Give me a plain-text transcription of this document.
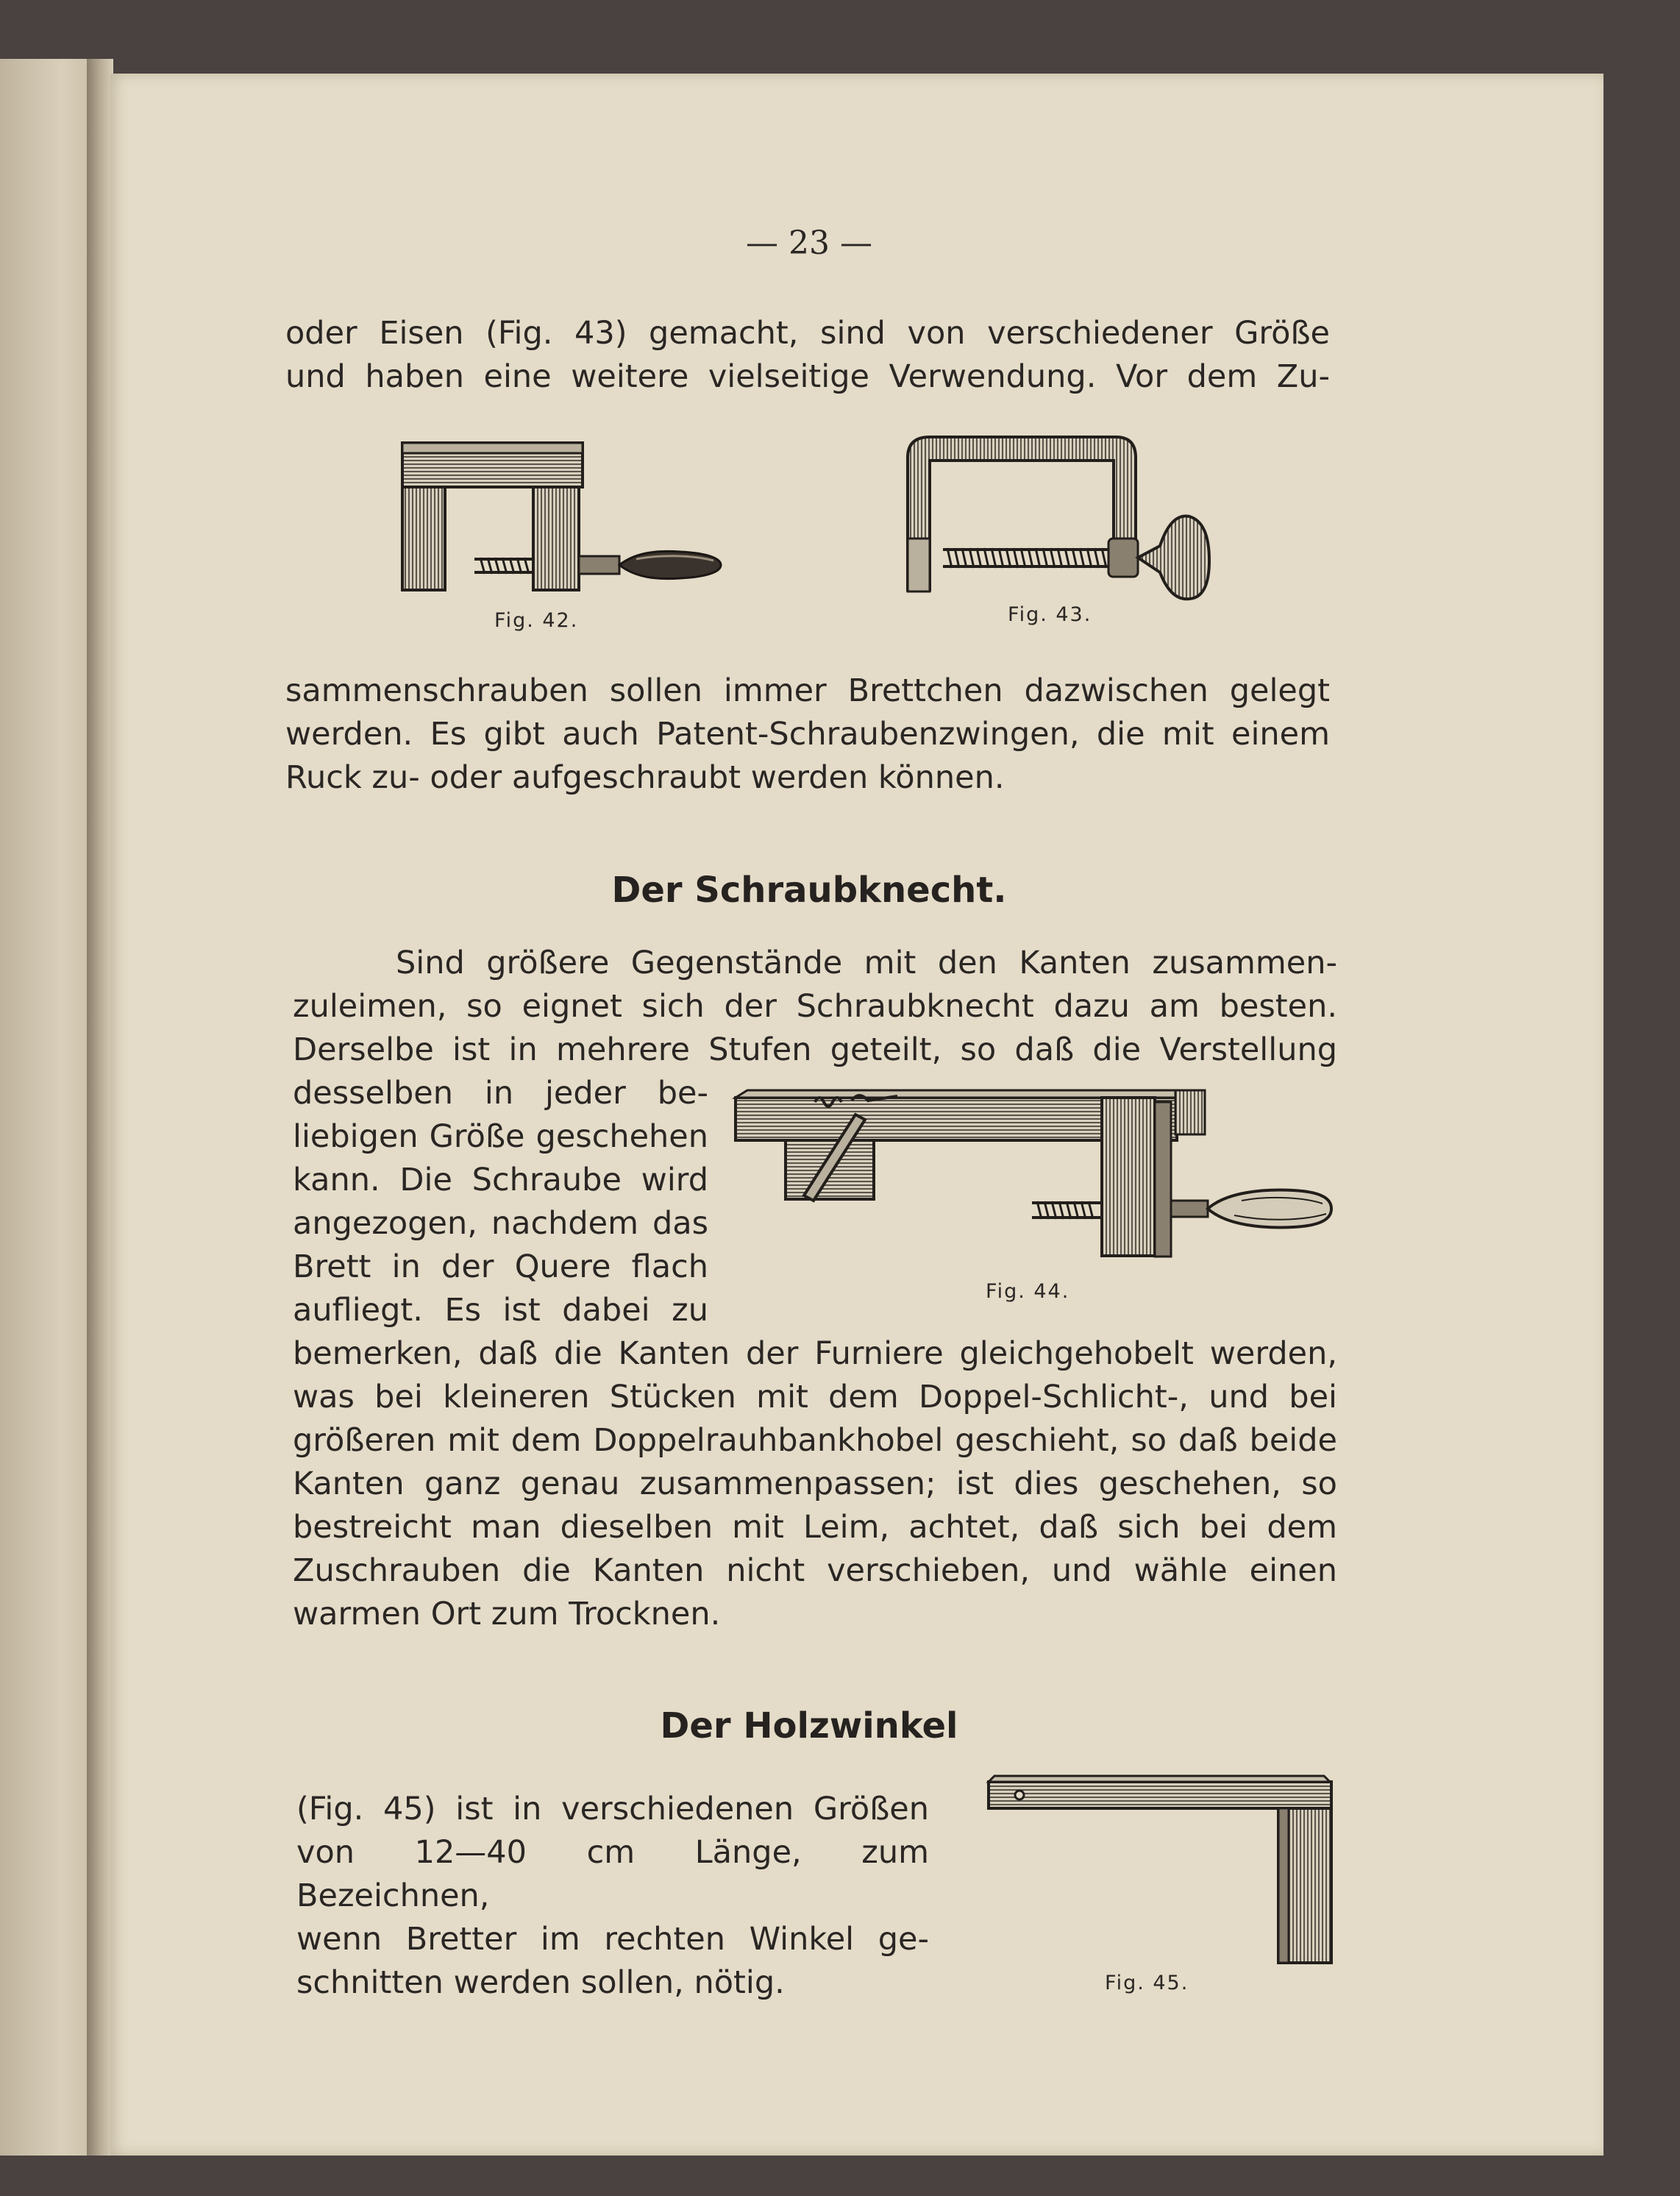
— 23 —
oder Eisen (Fig. 43) gemacht, sind von verschiedener Größe
und haben eine weitere vielseitige Verwendung. Vor dem Zu-
Fig. 42.	Fig. 43.
sammenschrauben sollen immer Brettchen dazwischen gelegt
werden. Es gibt auch Patent-Schraubenzwingen, die mit einem
Ruck zu- oder aufgeschraubt werden können.
Der Schraubknecht.
Sind größere Gegenstände mit den Kanten zusammen-
zuleimen, so eignet sich der Schraubknecht dazu am besten.
Derselbe ist in mehrere Stufen geteilt, so daß die Verstellung
desselben in jeder be-
liebigen Größe geschehen
kann. Die Schraube wird
angezogen, nachdem das
Brett in der Quere flach
aufliegt. Es ist dabei zu
Fig. 44.
bemerken, daß die Kanten der Furniere gleichgehobelt werden,
was bei kleineren Stücken mit dem Doppel-Schlicht-, und bei
größeren mit dem Doppelrauhbankhobel geschieht, so daß beide
Kanten ganz genau zusammenpassen; ist dies geschehen, so
bestreicht man dieselben mit Leim, achtet, daß sich bei dem
Zuschrauben die Kanten nicht verschieben, und wähle einen
warmen Ort zum Trocknen.
Der Holzwinkel
(Fig. 45) ist in verschiedenen Größen
von 12—40 cm Länge, zum Bezeichnen,
wenn Bretter im rechten Winkel ge-
schnitten werden sollen, nötig.	Fig. 45.
